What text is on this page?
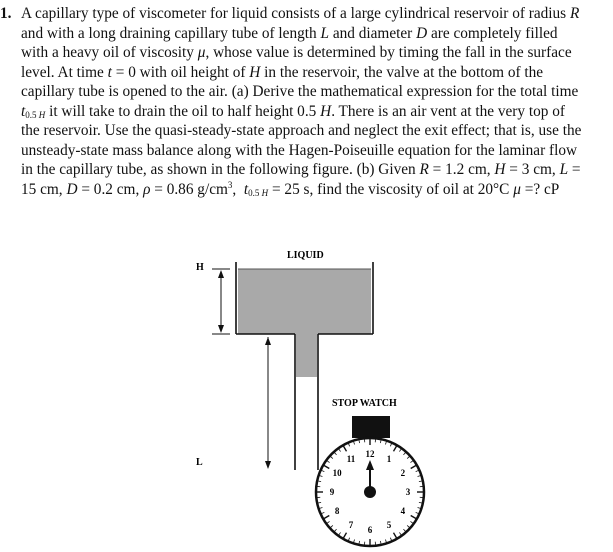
1. A capillary type of viscometer for liquid consists of a large cylindrical reservoir of radius R
and with a long draining capillary tube of length L and diameter D are completely filled
with a heavy oil of viscosity μ, whose value is determined by timing the fall in the surface
level. At time t = 0 with oil height of H in the reservoir, the valve at the bottom of the
capillary tube is opened to the air. (a) Derive the mathematical expression for the total time
$t_{0.5 H}$ it will take to drain the oil to half height 0.5 H. There is an air vent at the very top of
the reservoir. Use the quasi-steady-state approach and neglect the exit effect; that is, use the
unsteady-state mass balance along with the Hagen-Poiseuille equation for the laminar flow
in the capillary tube, as shown in the following figure. (b) Given R = 1.2 cm, H = 3 cm, L =
15 cm, D = 0.2 cm, ρ = 0.86 $g/cm^3$,  $t_{0.5 H} = 25$ s, find the viscosity of oil at 20°C μ =? cP
H
L
LIQUID
STOP WATCH
12
1
2
3
4
5
6
7
8
9
10
11
